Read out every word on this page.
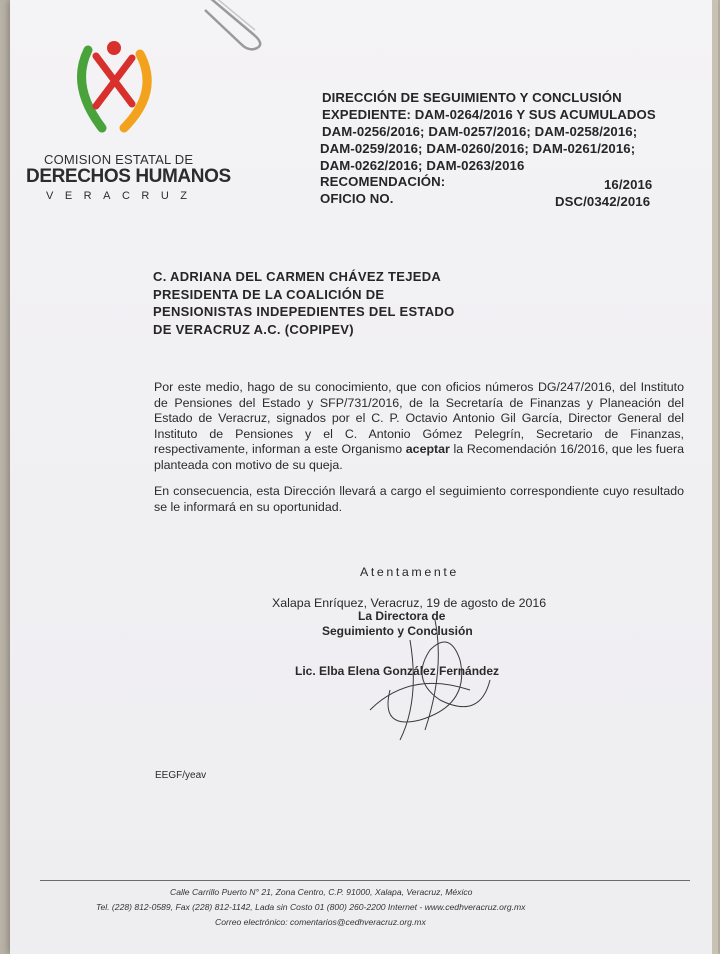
COMISION ESTATAL DE
DERECHOS HUMANOS
VERACRUZ
DIRECCIÓN DE SEGUIMIENTO Y CONCLUSIÓN
EXPEDIENTE: DAM-0264/2016 Y SUS ACUMULADOS
DAM-0256/2016; DAM-0257/2016; DAM-0258/2016;
DAM-0259/2016; DAM-0260/2016; DAM-0261/2016;
DAM-0262/2016; DAM-0263/2016
RECOMENDACIÓN:	16/2016
OFICIO NO.	DSC/0342/2016
C. ADRIANA DEL CARMEN CHÁVEZ TEJEDA
PRESIDENTA DE LA COALICIÓN DE
PENSIONISTAS INDEPEDIENTES DEL ESTADO
DE VERACRUZ A.C. (COPIPEV)

Por este medio, hago de su conocimiento, que con oficios números DG/247/2016, del Instituto de Pensiones del Estado y SFP/731/2016, de la Secretaría de Finanzas y Planeación del Estado de Veracruz, signados por el C. P. Octavio Antonio Gil García, Director General del Instituto de Pensiones y el C. Antonio Gómez Pelegrín, Secretario de Finanzas, respectivamente, informan a este Organismo aceptar la Recomendación 16/2016, que les fuera planteada con motivo de su queja.

En consecuencia, esta Dirección llevará a cargo el seguimiento correspondiente cuyo resultado se le informará en su oportunidad.

Atentamente
Xalapa Enríquez, Veracruz, 19 de agosto de 2016
La Directora de
Seguimiento y Conclusión
Lic. Elba Elena González Fernández
EEGF/yeav
Calle Carrillo Puerto N° 21, Zona Centro, C.P. 91000, Xalapa, Veracruz, México
Tel. (228) 812-0589, Fax (228) 812-1142, Lada sin Costo 01 (800) 260-2200 Internet - www.cedhveracruz.org.mx
Correo electrónico: comentarios@cedhveracruz.org.mx
